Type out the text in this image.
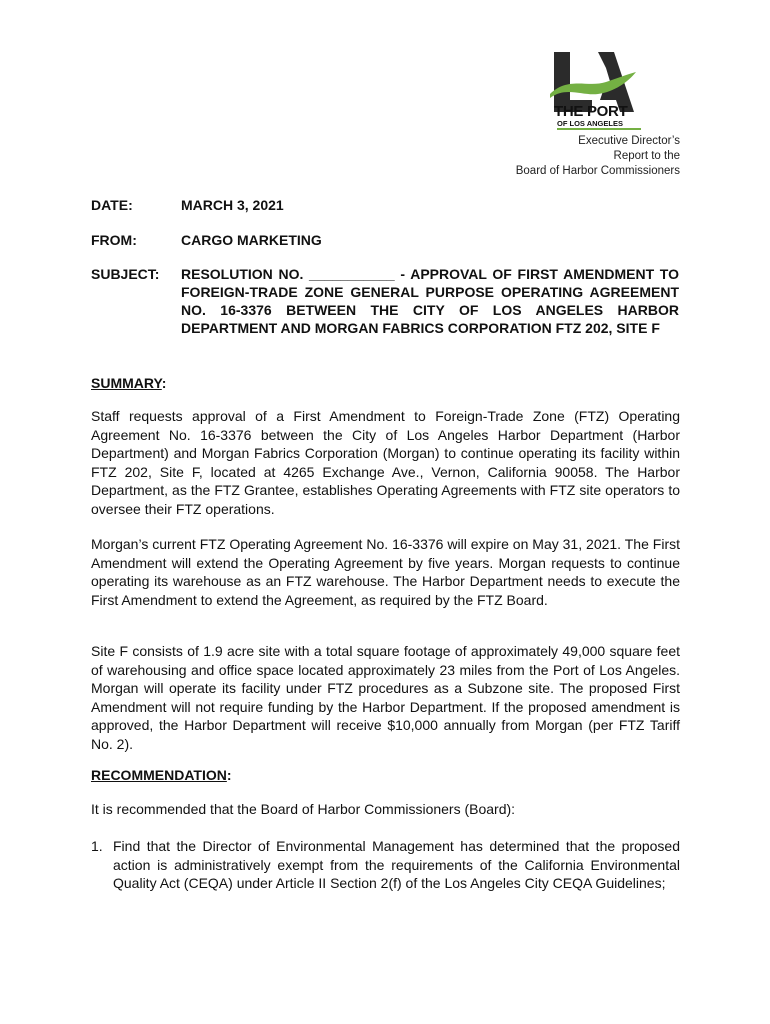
THE PORT
OF LOS ANGELES
Executive Director’s
Report to the
Board of Harbor Commissioners
DATE:	MARCH 3, 2021
FROM:	CARGO MARKETING
SUBJECT: RESOLUTION NO. ___________ - APPROVAL OF FIRST AMENDMENT TO FOREIGN-TRADE ZONE GENERAL PURPOSE OPERATING AGREEMENT NO. 16-3376 BETWEEN THE CITY OF LOS ANGELES HARBOR DEPARTMENT AND MORGAN FABRICS CORPORATION FTZ 202, SITE F
SUMMARY:
Staff requests approval of a First Amendment to Foreign-Trade Zone (FTZ) Operating Agreement No. 16-3376 between the City of Los Angeles Harbor Department (Harbor Department) and Morgan Fabrics Corporation (Morgan) to continue operating its facility within FTZ 202, Site F, located at 4265 Exchange Ave., Vernon, California 90058. The Harbor Department, as the FTZ Grantee, establishes Operating Agreements with FTZ site operators to oversee their FTZ operations.
Morgan’s current FTZ Operating Agreement No. 16-3376 will expire on May 31, 2021. The First Amendment will extend the Operating Agreement by five years. Morgan requests to continue operating its warehouse as an FTZ warehouse. The Harbor Department needs to execute the First Amendment to extend the Agreement, as required by the FTZ Board.
Site F consists of 1.9 acre site with a total square footage of approximately 49,000 square feet of warehousing and office space located approximately 23 miles from the Port of Los Angeles. Morgan will operate its facility under FTZ procedures as a Subzone site. The proposed First Amendment will not require funding by the Harbor Department. If the proposed amendment is approved, the Harbor Department will receive $10,000 annually from Morgan (per FTZ Tariff No. 2).
RECOMMENDATION:
It is recommended that the Board of Harbor Commissioners (Board):
1. Find that the Director of Environmental Management has determined that the proposed action is administratively exempt from the requirements of the California Environmental Quality Act (CEQA) under Article II Section 2(f) of the Los Angeles City CEQA Guidelines;
